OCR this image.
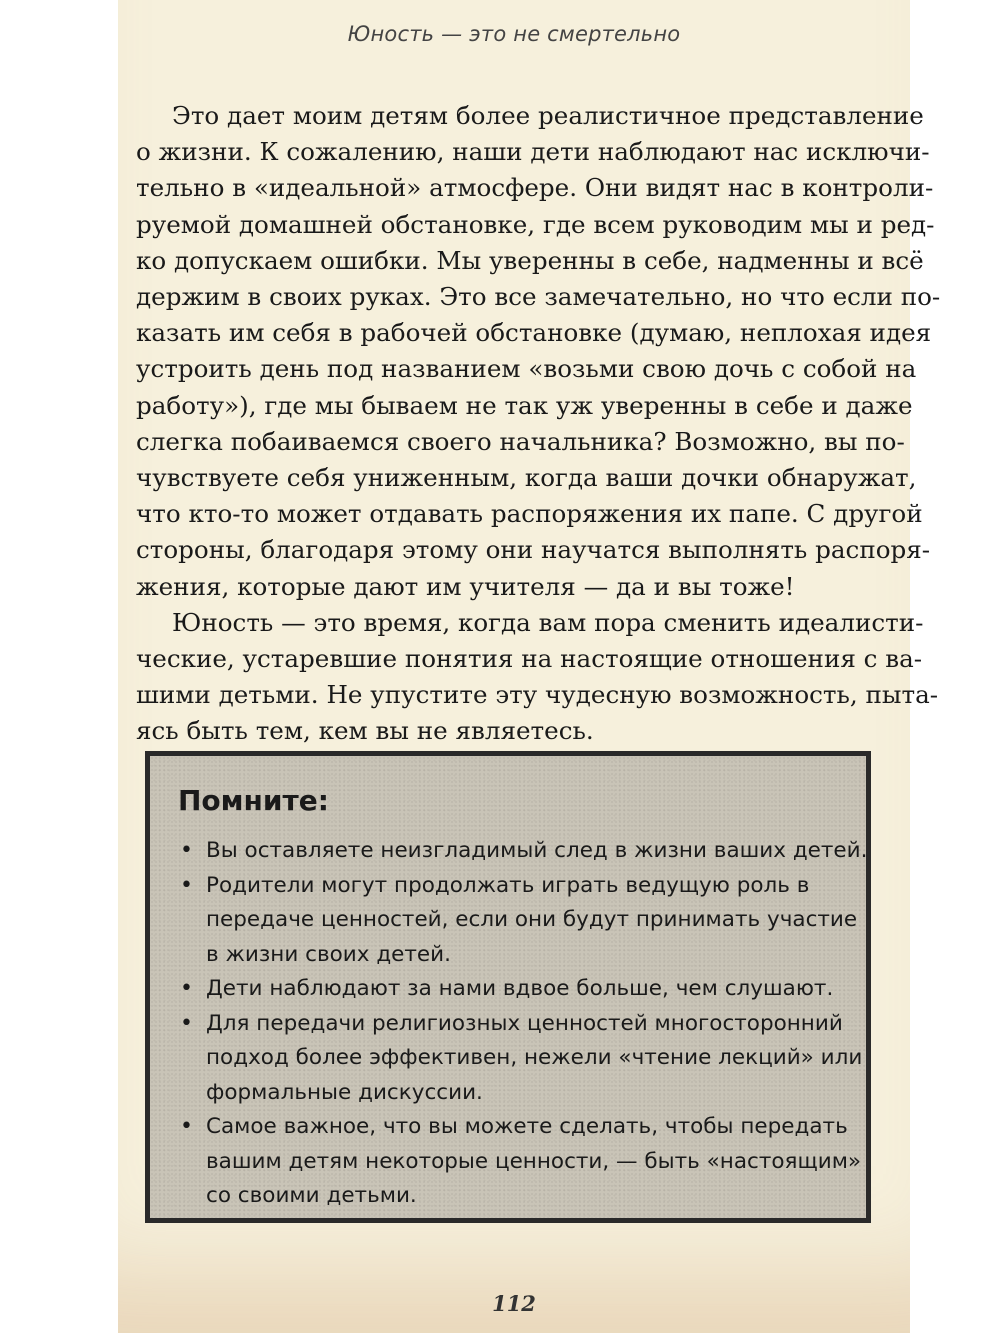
Юность — это не смертельно

Это дает моим детям более реалистичное представление
о жизни. К сожалению, наши дети наблюдают нас исключи-
тельно в «идеальной» атмосфере. Они видят нас в контроли-
руемой домашней обстановке, где всем руководим мы и ред-
ко допускаем ошибки. Мы уверенны в себе, надменны и всё
держим в своих руках. Это все замечательно, но что если по-
казать им себя в рабочей обстановке (думаю, неплохая идея
устроить день под названием «возьми свою дочь с собой на
работу»), где мы бываем не так уж уверенны в себе и даже
слегка побаиваемся своего начальника? Возможно, вы по-
чувствуете себя униженным, когда ваши дочки обнаружат,
что кто-то может отдавать распоряжения их папе. С другой
стороны, благодаря этому они научатся выполнять распоря-
жения, которые дают им учителя — да и вы тоже!

Юность — это время, когда вам пора сменить идеалисти-
ческие, устаревшие понятия на настоящие отношения с ва-
шими детьми. Не упустите эту чудесную возможность, пыта-
ясь быть тем, кем вы не являетесь.

Помните:
• Вы оставляете неизгладимый след в жизни ваших детей.
• Родители могут продолжать играть ведущую роль в
передаче ценностей, если они будут принимать участие
в жизни своих детей.
• Дети наблюдают за нами вдвое больше, чем слушают.
• Для передачи религиозных ценностей многосторонний
подход более эффективен, нежели «чтение лекций» или
формальные дискуссии.
• Самое важное, что вы можете сделать, чтобы передать
вашим детям некоторые ценности, — быть «настоящим»
со своими детьми.
112
